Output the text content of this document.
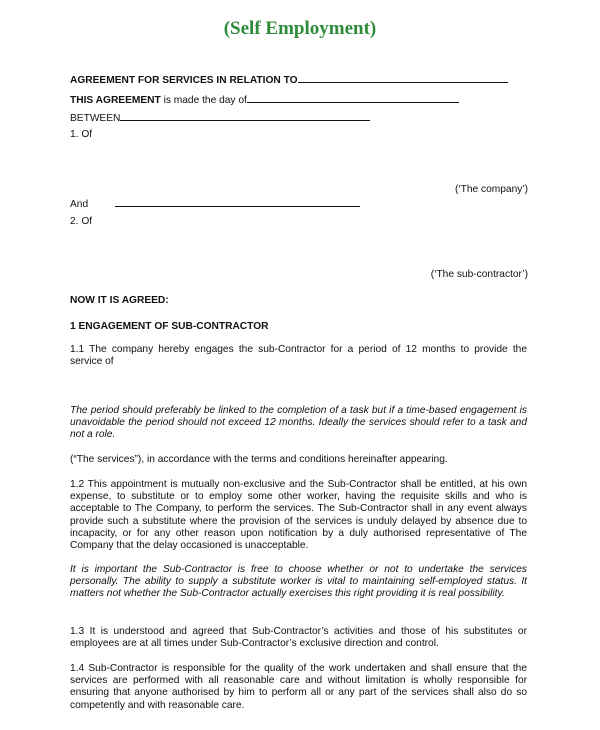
(Self Employment)
AGREEMENT FOR SERVICES IN RELATION TO
THIS AGREEMENT is made the day of
BETWEEN
1. Of
(‘The company’)
And
2. Of
(‘The sub-contractor’)
NOW IT IS AGREED:
1 ENGAGEMENT OF SUB-CONTRACTOR
1.1 The company hereby engages the sub-Contractor for a period of 12 months to provide the service of
The period should preferably be linked to the completion of a task but if a time-based engagement is unavoidable the period should not exceed 12 months. Ideally the services should refer to a task and not a role.
(“The services”), in accordance with the terms and conditions hereinafter appearing.
1.2 This appointment is mutually non-exclusive and the Sub-Contractor shall be entitled, at his own expense, to substitute or to employ some other worker, having the requisite skills and who is acceptable to The Company, to perform the services. The Sub-Contractor shall in any event always provide such a substitute where the provision of the services is unduly delayed by absence due to incapacity, or for any other reason upon notification by a duly authorised representative of The Company that the delay occasioned is unacceptable.
It is important the Sub-Contractor is free to choose whether or not to undertake the services personally. The ability to supply a substitute worker is vital to maintaining self-employed status. It matters not whether the Sub-Contractor actually exercises this right providing it is real possibility.
1.3 It is understood and agreed that Sub-Contractor’s activities and those of his substitutes or employees are at all times under Sub-Contractor’s exclusive direction and control.
1.4 Sub-Contractor is responsible for the quality of the work undertaken and shall ensure that the services are performed with all reasonable care and without limitation is wholly responsible for ensuring that anyone authorised by him to perform all or any part of the services shall also do so competently and with reasonable care.
